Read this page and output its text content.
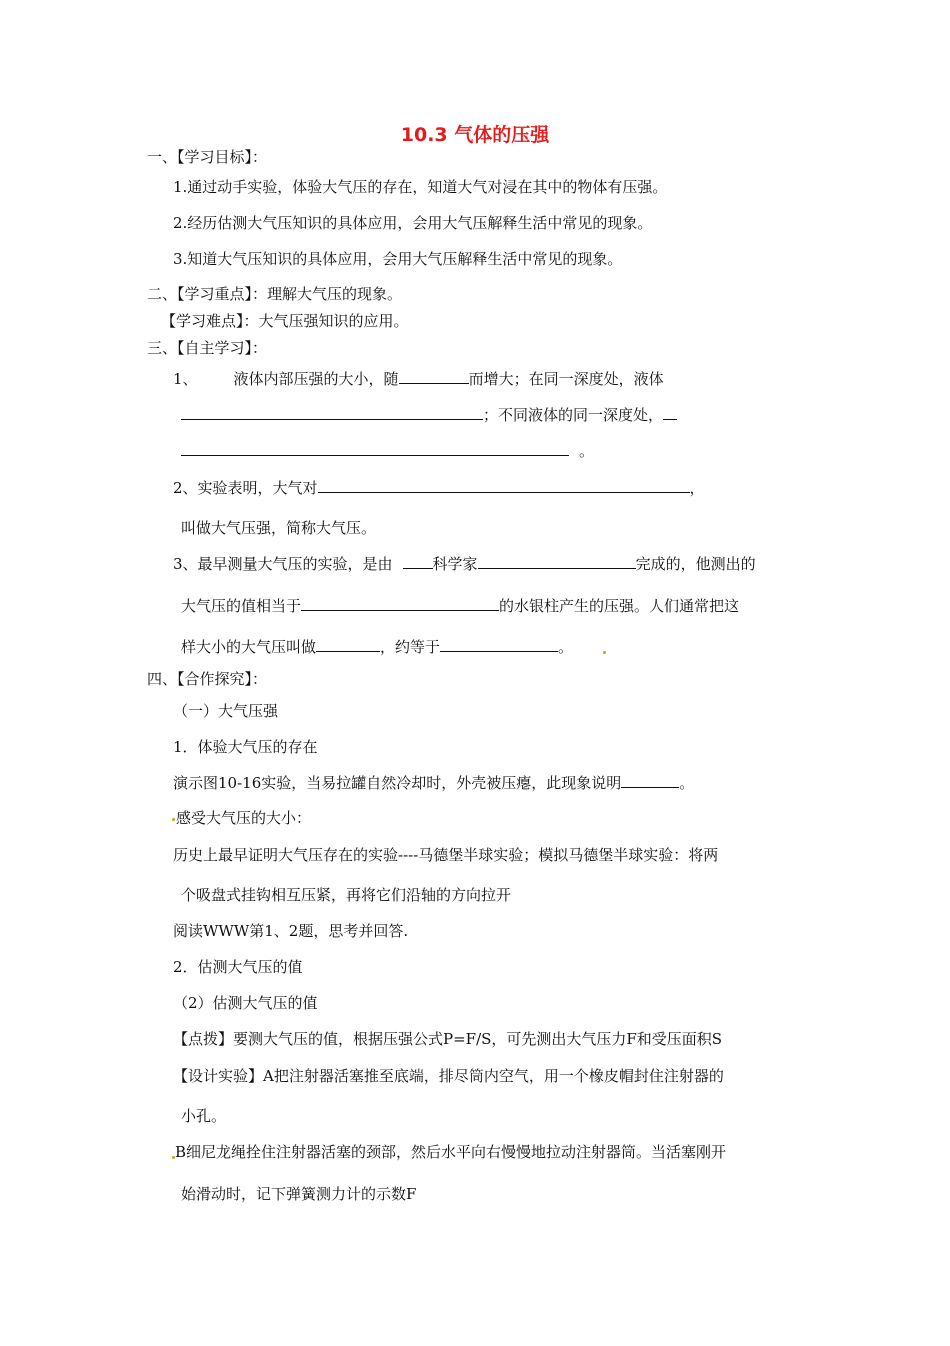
10.3 气体的压强
一、【学习目标】：
1.通过动手实验，体验大气压的存在，知道大气对浸在其中的物体有压强。
2.经历估测大气压知识的具体应用，会用大气压解释生活中常见的现象。
3.知道大气压知识的具体应用，会用大气压解释生活中常见的现象。
二、【学习重点】：理解大气压的现象。
【学习难点】：大气压强知识的应用。
三、【自主学习】：
1、 液体内部压强的大小，随	而增大；在同一深度处，液体
；不同液体的同一深度处，
。
2、实验表明，大气对	，
叫做大气压强，简称大气压。
3、最早测量大气压的实验，是由	科学家	完成的，他测出的
大气压的值相当于	的水银柱产生的压强。人们通常把这
样大小的大气压叫做	，约等于	。
四、【合作探究】：
（一）大气压强
1．体验大气压的存在
演示图10-16实验，当易拉罐自然冷却时，外壳被压瘪，此现象说明	。
感受大气压的大小：
历史上最早证明大气压存在的实验----马德堡半球实验；模拟马德堡半球实验：将两
个吸盘式挂钩相互压紧，再将它们沿轴的方向拉开
阅读WWW第1、2题，思考并回答.
2．估测大气压的值
（2）估测大气压的值
【点拨】要测大气压的值，根据压强公式P=F/S，可先测出大气压力F和受压面积S
【设计实验】A把注射器活塞推至底端，排尽筒内空气，用一个橡皮帽封住注射器的
小孔。
B细尼龙绳拴住注射器活塞的颈部，然后水平向右慢慢地拉动注射器筒。当活塞刚开
始滑动时，记下弹簧测力计的示数F
